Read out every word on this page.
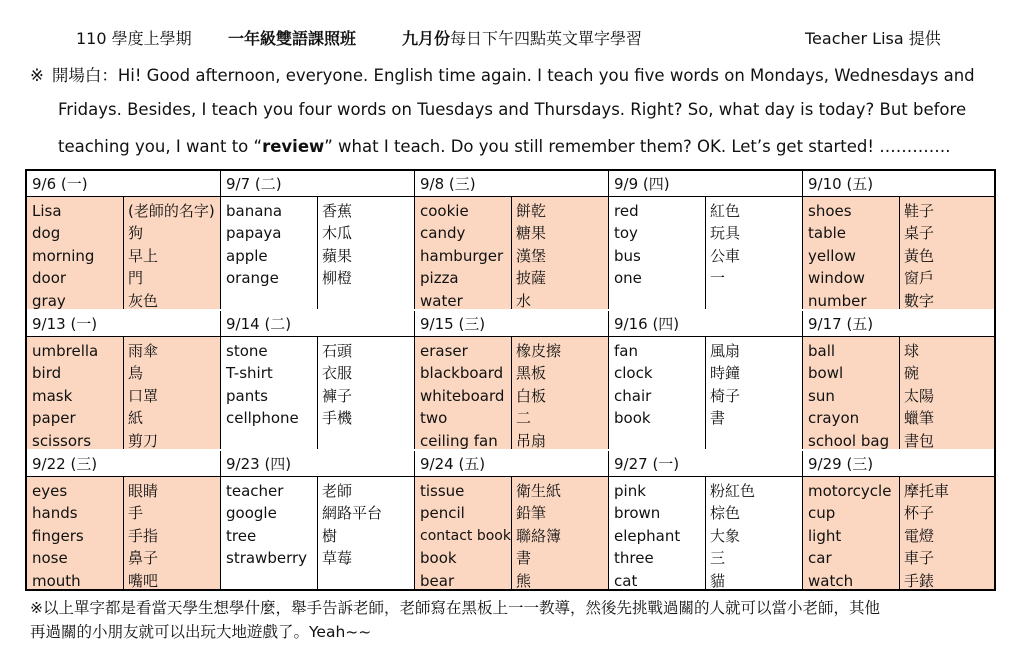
110 學度上學期 一年級雙語課照班	九月份每日下午四點英文單字學習	Teacher Lisa 提供
※ 開場白：Hi! Good afternoon, everyone. English time again. I teach you five words on Mondays, Wednesdays and
Fridays. Besides, I teach you four words on Tuesdays and Thursdays. Right? So, what day is today? But before
teaching you, I want to “review” what I teach. Do you still remember them? OK. Let’s get started! ………….
9/6 (一)
Lisa
dog
morning
door
gray
(老師的名字)
狗
早上
門
灰色
9/7 (二)
banana
papaya
apple
orange
香蕉
木瓜
蘋果
柳橙
9/8 (三)
cookie
candy
hamburger
pizza
water
餅乾
糖果
漢堡
披薩
水
9/9 (四)
red
toy
bus
one
紅色
玩具
公車
一
9/10 (五)
shoes
table
yellow
window
number
鞋子
桌子
黃色
窗戶
數字
9/13 (一)
umbrella
bird
mask
paper
scissors
雨傘
鳥
口罩
紙
剪刀
9/14 (二)
stone
T-shirt
pants
cellphone
石頭
衣服
褲子
手機
9/15 (三)
eraser
blackboard
whiteboard
two
ceiling fan
橡皮擦
黑板
白板
二
吊扇
9/16 (四)
fan
clock
chair
book
風扇
時鐘
椅子
書
9/17 (五)
ball
bowl
sun
crayon
school bag
球
碗
太陽
蠟筆
書包
9/22 (三)
eyes
hands
fingers
nose
mouth
眼睛
手
手指
鼻子
嘴吧
9/23 (四)
teacher
google
tree
strawberry
老師
網路平台
樹
草莓
9/24 (五)
tissue
pencil
contact book
book
bear
衛生紙
鉛筆
聯絡簿
書
熊
9/27 (一)
pink
brown
elephant
three
cat
粉紅色
棕色
大象
三
貓
9/29 (三)
motorcycle
cup
light
car
watch
摩托車
杯子
電燈
車子
手錶
※以上單字都是看當天學生想學什麼，舉手告訴老師，老師寫在黑板上一一教導，然後先挑戰過關的人就可以當小老師，其他
再過關的小朋友就可以出玩大地遊戲了。Yeah~~
